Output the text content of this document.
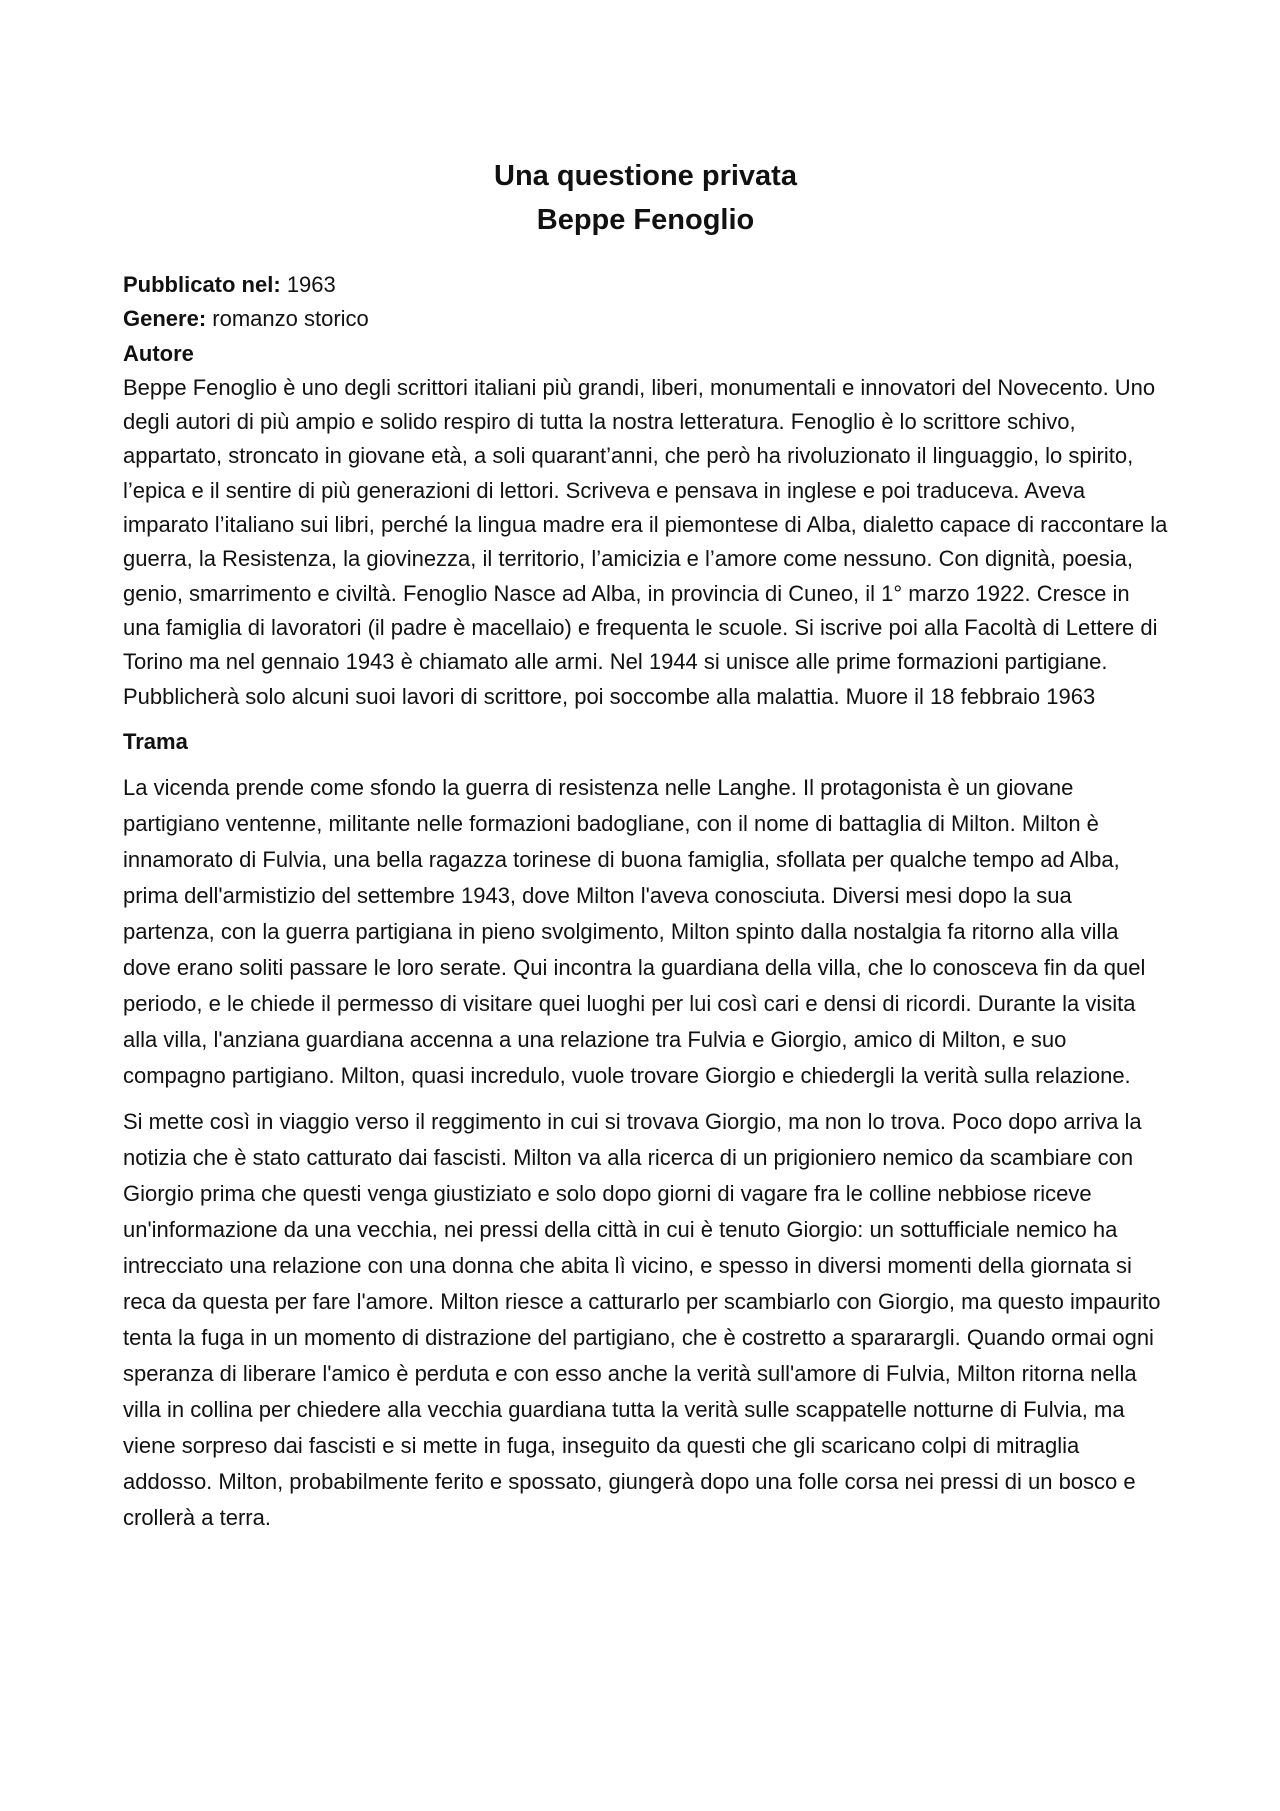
Una questione privata
Beppe Fenoglio
Pubblicato nel: 1963
Genere: romanzo storico
Autore

Beppe Fenoglio è uno degli scrittori italiani più grandi, liberi, monumentali e innovatori del Novecento. Uno degli autori di più ampio e solido respiro di tutta la nostra letteratura. Fenoglio è lo scrittore schivo, appartato, stroncato in giovane età, a soli quarant’anni, che però ha rivoluzionato il linguaggio, lo spirito, l’epica e il sentire di più generazioni di lettori. Scriveva e pensava in inglese e poi traduceva. Aveva imparato l’italiano sui libri, perché la lingua madre era il piemontese di Alba, dialetto capace di raccontare la guerra, la Resistenza, la giovinezza, il territorio, l’amicizia e l’amore come nessuno. Con dignità, poesia, genio, smarrimento e civiltà. Fenoglio Nasce ad Alba, in provincia di Cuneo, il 1° marzo 1922. Cresce in una famiglia di lavoratori (il padre è macellaio) e frequenta le scuole. Si iscrive poi alla Facoltà di Lettere di Torino ma nel gennaio 1943 è chiamato alle armi. Nel 1944 si unisce alle prime formazioni partigiane. Pubblicherà solo alcuni suoi lavori di scrittore, poi soccombe alla malattia. Muore il 18 febbraio 1963

Trama

La vicenda prende come sfondo la guerra di resistenza nelle Langhe. Il protagonista è un giovane partigiano ventenne, militante nelle formazioni badogliane, con il nome di battaglia di Milton. Milton è innamorato di Fulvia, una bella ragazza torinese di buona famiglia, sfollata per qualche tempo ad Alba, prima dell'armistizio del settembre 1943, dove Milton l'aveva conosciuta. Diversi mesi dopo la sua partenza, con la guerra partigiana in pieno svolgimento, Milton spinto dalla nostalgia fa ritorno alla villa dove erano soliti passare le loro serate. Qui incontra la guardiana della villa, che lo conosceva fin da quel periodo, e le chiede il permesso di visitare quei luoghi per lui così cari e densi di ricordi. Durante la visita alla villa, l'anziana guardiana accenna a una relazione tra Fulvia e Giorgio, amico di Milton, e suo compagno partigiano. Milton, quasi incredulo, vuole trovare Giorgio e chiedergli la verità sulla relazione.

Si mette così in viaggio verso il reggimento in cui si trovava Giorgio, ma non lo trova. Poco dopo arriva la notizia che è stato catturato dai fascisti. Milton va alla ricerca di un prigioniero nemico da scambiare con Giorgio prima che questi venga giustiziato e solo dopo giorni di vagare fra le colline nebbiose riceve un'informazione da una vecchia, nei pressi della città in cui è tenuto Giorgio: un sottufficiale nemico ha intrecciato una relazione con una donna che abita lì vicino, e spesso in diversi momenti della giornata si reca da questa per fare l'amore. Milton riesce a catturarlo per scambiarlo con Giorgio, ma questo impaurito tenta la fuga in un momento di distrazione del partigiano, che è costretto a spararargli. Quando ormai ogni speranza di liberare l'amico è perduta e con esso anche la verità sull'amore di Fulvia, Milton ritorna nella villa in collina per chiedere alla vecchia guardiana tutta la verità sulle scappatelle notturne di Fulvia, ma viene sorpreso dai fascisti e si mette in fuga, inseguito da questi che gli scaricano colpi di mitraglia addosso. Milton, probabilmente ferito e spossato, giungerà dopo una folle corsa nei pressi di un bosco e crollerà a terra.
